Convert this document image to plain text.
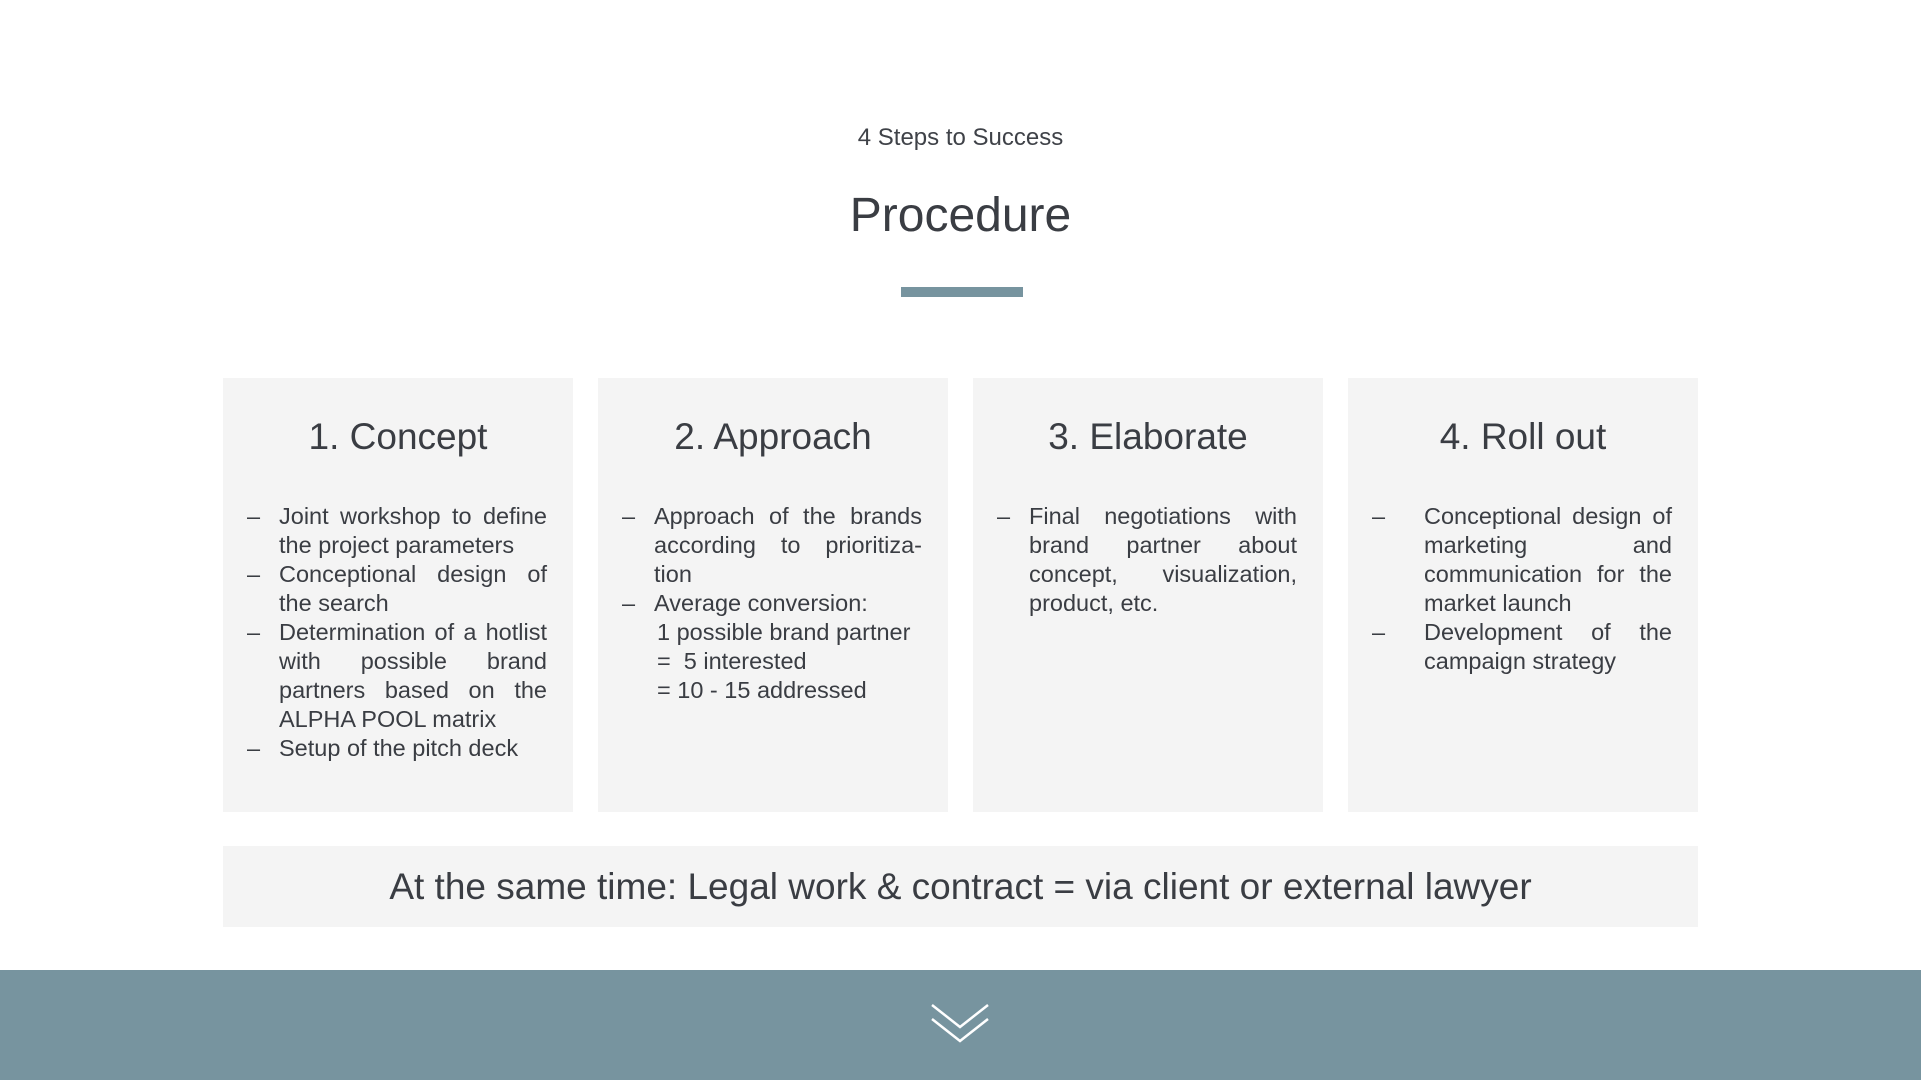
4 Steps to Success
Procedure
1. Concept
– Joint workshop to define the project parameters
– Conceptional design of the search
– Determination of a hotlist with possible brand partners based on the ALPHA POOL matrix
– Setup of the pitch deck
2. Approach
– Approach of the brands according to prioritiza-tion
– Average conversion:
1 possible brand partner
=  5 interested
= 10 - 15 addressed
3. Elaborate
– Final negotiations with brand partner about concept, visualization, product, etc.
4. Roll out
– Conceptional design of marketing and communication for the market launch
– Development of the campaign strategy
At the same time: Legal work & contract = via client or external lawyer
